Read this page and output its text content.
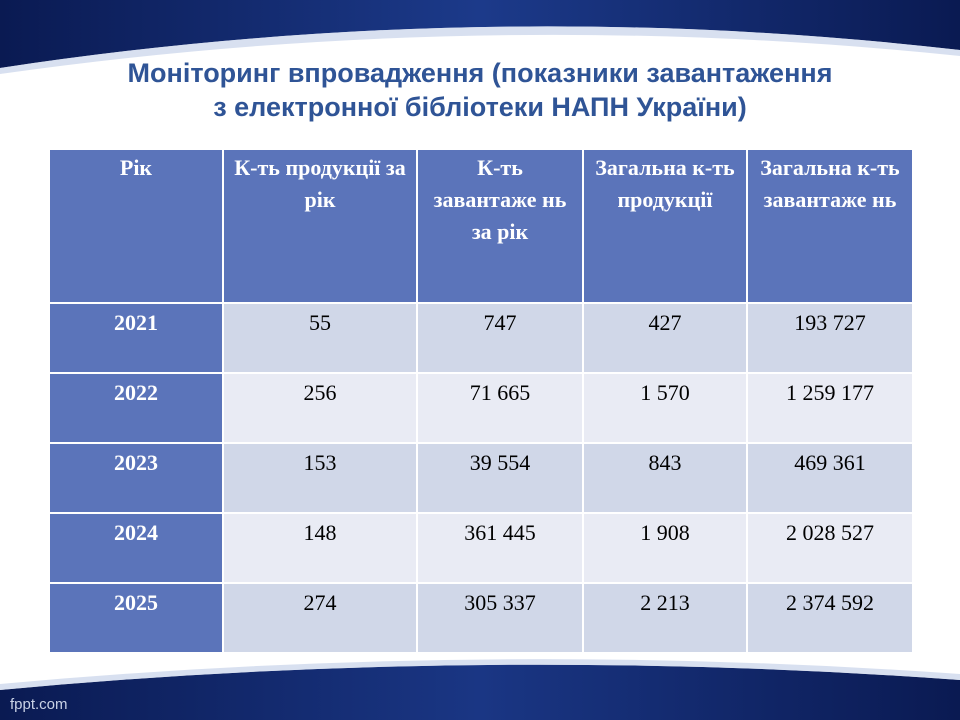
Моніторинг впровадження (показники завантаження
з електронної бібліотеки НАПН України)
Рік	К-ть продукції за рік	К-ть завантаже нь за рік	Загальна к-ть продукції	Загальна к-ть завантаже нь
2021	55	747	427	193 727
2022	256	71 665	1 570	1 259 177
2023	153	39 554	843	469 361
2024	148	361 445	1 908	2 028 527
2025	274	305 337	2 213	2 374 592
fppt.com
